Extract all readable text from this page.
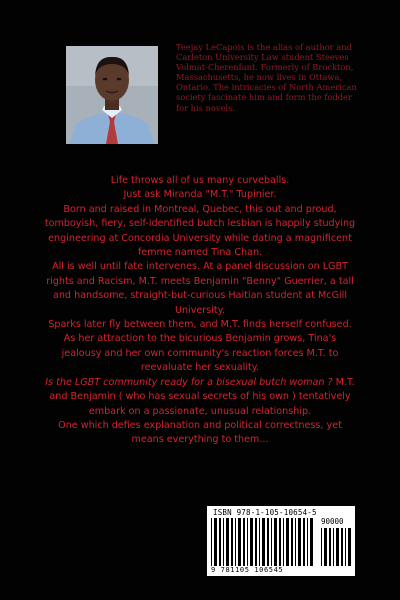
Teejay LeCapois is the alias of author and Carleton University Law student Steeves Volmat-Cherenfant. Formerly of Brockton, Massachusetts, he now lives in Ottawa, Ontario. The intricacies of North American society fascinate him and form the fodder for his novels.

Life throws all of us many curveballs.

Just ask Miranda "M.T." Tupinier.

Born and raised in Montreal, Quebec, this out and proud, tomboyish, fiery, self-identified butch lesbian is happily studying engineering at Concordia University while dating a magnificent femme named Tina Chan.

All is well until fate intervenes. At a panel discussion on LGBT rights and Racism, M.T. meets Benjamin "Benny" Guerrier, a tall and handsome, straight-but-curious Haitian student at McGill University.

Sparks later fly between them, and M.T. finds herself confused. As her attraction to the bicurious Benjamin grows, Tina's jealousy and her own community's reaction forces M.T. to reevaluate her sexuality.

Is the LGBT community ready for a bisexual butch woman ? M.T. and Benjamin ( who has sexual secrets of his own ) tentatively embark on a passionate, unusual relationship.

One which defies explanation and political correctness, yet means everything to them...

ISBN 978-1-105-10654-5
90000
9 781105 106545
